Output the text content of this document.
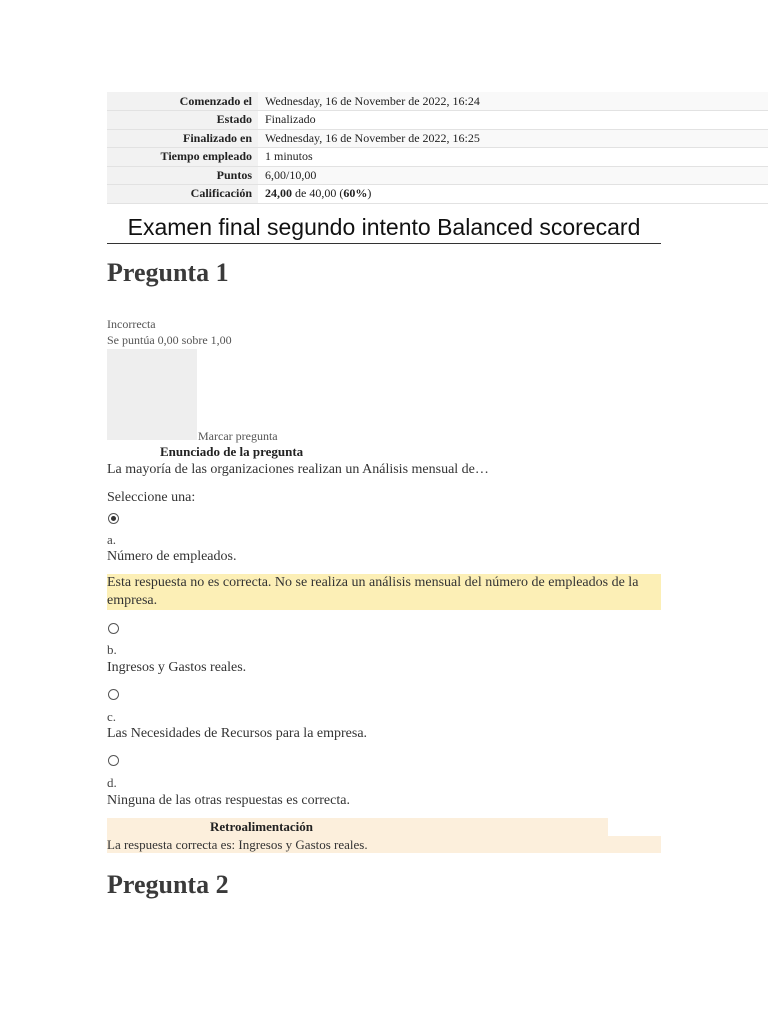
Comenzado el	Wednesday, 16 de November de 2022, 16:24
Estado	Finalizado
Finalizado en	Wednesday, 16 de November de 2022, 16:25
Tiempo empleado	1 minutos
Puntos	6,00/10,00
Calificación	24,00 de 40,00 (60%)
Examen final segundo intento Balanced scorecard
Pregunta 1
Incorrecta
Se puntúa 0,00 sobre 1,00
Marcar pregunta
Enunciado de la pregunta
La mayoría de las organizaciones realizan un Análisis mensual de…
Seleccione una:
a.
Número de empleados.
Esta respuesta no es correcta. No se realiza un análisis mensual del número de empleados de la empresa.
b.
Ingresos y Gastos reales.
c.
Las Necesidades de Recursos para la empresa.
d.
Ninguna de las otras respuestas es correcta.
Retroalimentación
La respuesta correcta es: Ingresos y Gastos reales.
Pregunta 2
